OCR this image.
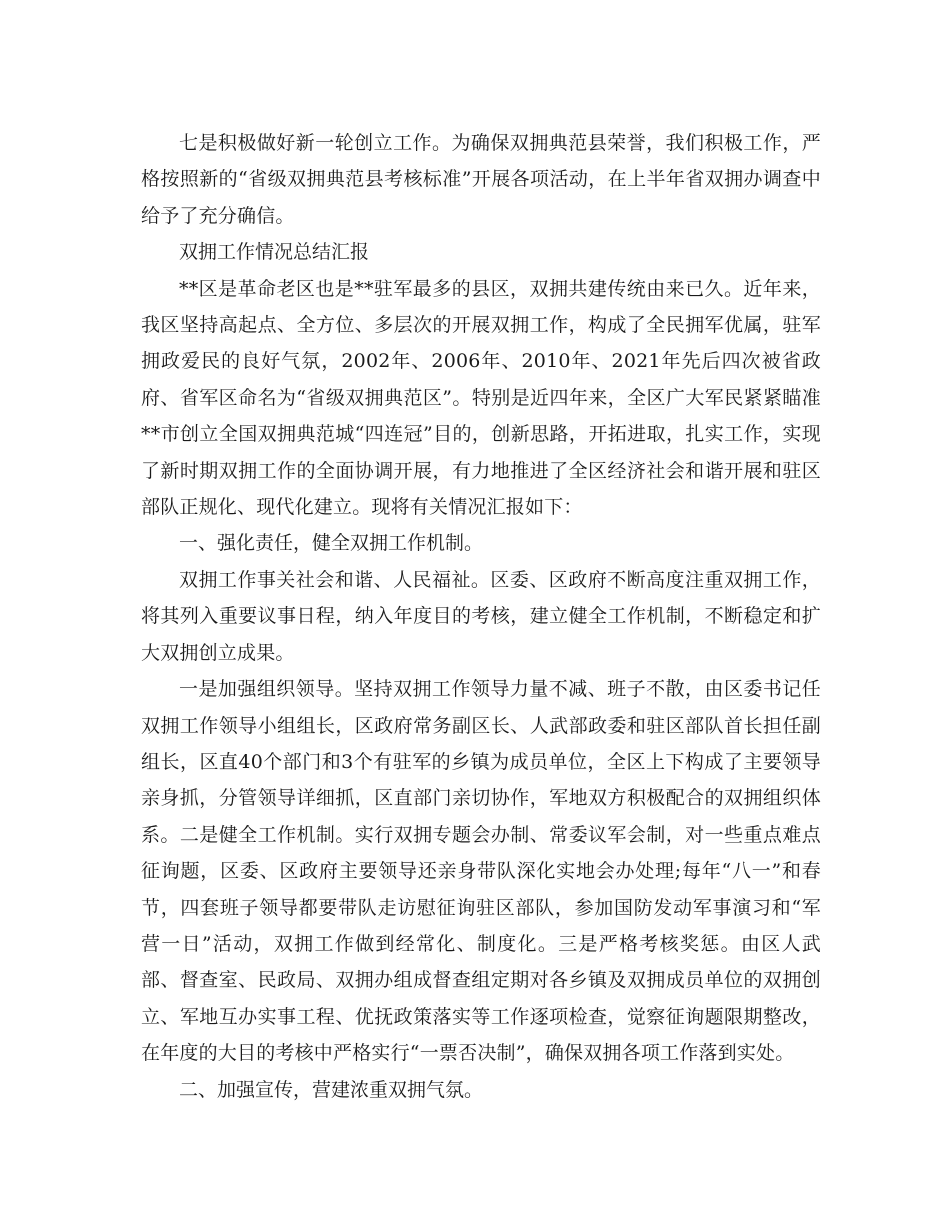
七是积极做好新一轮创立工作。为确保双拥典范县荣誉，我们积极工作，严格按照新的“省级双拥典范县考核标准”开展各项活动，在上半年省双拥办调查中给予了充分确信。

双拥工作情况总结汇报

**区是革命老区也是**驻军最多的县区，双拥共建传统由来已久。近年来，我区坚持高起点、全方位、多层次的开展双拥工作，构成了全民拥军优属，驻军拥政爱民的良好气氛，2002年、2006年、2010年、2021年先后四次被省政府、省军区命名为“省级双拥典范区”。特别是近四年来，全区广大军民紧紧瞄准**市创立全国双拥典范城“四连冠”目的，创新思路，开拓进取，扎实工作，实现了新时期双拥工作的全面协调开展，有力地推进了全区经济社会和谐开展和驻区部队正规化、现代化建立。现将有关情况汇报如下：

一、强化责任，健全双拥工作机制。

双拥工作事关社会和谐、人民福祉。区委、区政府不断高度注重双拥工作，将其列入重要议事日程，纳入年度目的考核，建立健全工作机制，不断稳定和扩大双拥创立成果。

一是加强组织领导。坚持双拥工作领导力量不减、班子不散，由区委书记任双拥工作领导小组组长，区政府常务副区长、人武部政委和驻区部队首长担任副组长，区直40个部门和3个有驻军的乡镇为成员单位，全区上下构成了主要领导亲身抓，分管领导详细抓，区直部门亲切协作，军地双方积极配合的双拥组织体系。二是健全工作机制。实行双拥专题会办制、常委议军会制，对一些重点难点征询题，区委、区政府主要领导还亲身带队深化实地会办处理;每年“八一”和春节，四套班子领导都要带队走访慰征询驻区部队，参加国防发动军事演习和“军营一日”活动，双拥工作做到经常化、制度化。三是严格考核奖惩。由区人武部、督查室、民政局、双拥办组成督查组定期对各乡镇及双拥成员单位的双拥创立、军地互办实事工程、优抚政策落实等工作逐项检查，觉察征询题限期整改，在年度的大目的考核中严格实行“一票否决制”，确保双拥各项工作落到实处。

二、加强宣传，营建浓重双拥气氛。
